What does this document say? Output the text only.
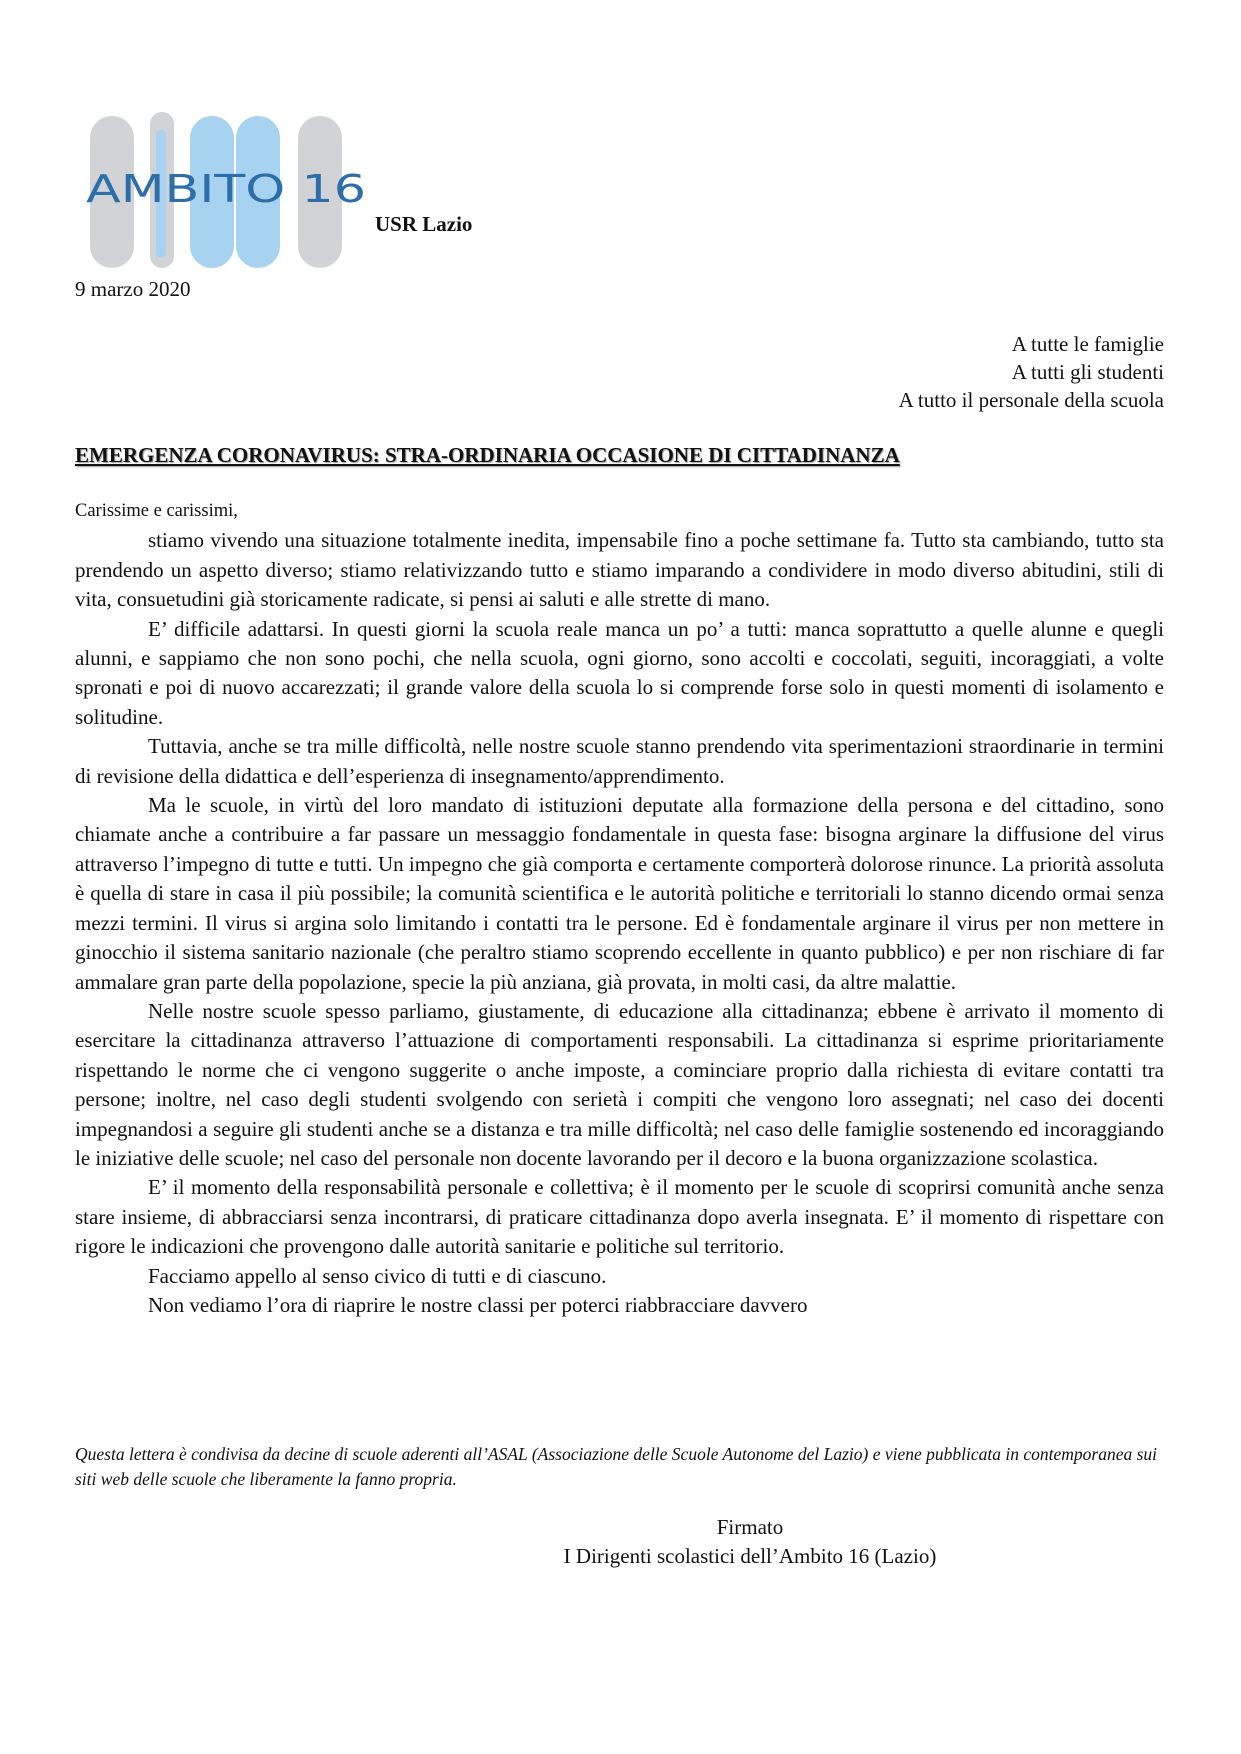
AMBITO 16
USR Lazio
9 marzo 2020
A tutte le famiglie
A tutti gli studenti
A tutto il personale della scuola
EMERGENZA CORONAVIRUS: STRA-ORDINARIA OCCASIONE DI CITTADINANZA
Carissime e carissimi,

stiamo vivendo una situazione totalmente inedita, impensabile fino a poche settimane fa. Tutto sta cambiando, tutto sta prendendo un aspetto diverso; stiamo relativizzando tutto e stiamo imparando a condividere in modo diverso abitudini, stili di vita, consuetudini già storicamente radicate, si pensi ai saluti e alle strette di mano.

E’ difficile adattarsi. In questi giorni la scuola reale manca un po’ a tutti: manca soprattutto a quelle alunne e quegli alunni, e sappiamo che non sono pochi, che nella scuola, ogni giorno, sono accolti e coccolati, seguiti, incoraggiati, a volte spronati e poi di nuovo accarezzati; il grande valore della scuola lo si comprende forse solo in questi momenti di isolamento e solitudine.

Tuttavia, anche se tra mille difficoltà, nelle nostre scuole stanno prendendo vita sperimentazioni straordinarie in termini di revisione della didattica e dell’esperienza di insegnamento/apprendimento.

Ma le scuole, in virtù del loro mandato di istituzioni deputate alla formazione della persona e del cittadino, sono chiamate anche a contribuire a far passare un messaggio fondamentale in questa fase: bisogna arginare la diffusione del virus attraverso l’impegno di tutte e tutti. Un impegno che già comporta e certamente comporterà dolorose rinunce. La priorità assoluta è quella di stare in casa il più possibile; la comunità scientifica e le autorità politiche e territoriali lo stanno dicendo ormai senza mezzi termini. Il virus si argina solo limitando i contatti tra le persone. Ed è fondamentale arginare il virus per non mettere in ginocchio il sistema sanitario nazionale (che peraltro stiamo scoprendo eccellente in quanto pubblico) e per non rischiare di far ammalare gran parte della popolazione, specie la più anziana, già provata, in molti casi, da altre malattie.

Nelle nostre scuole spesso parliamo, giustamente, di educazione alla cittadinanza; ebbene è arrivato il momento di esercitare la cittadinanza attraverso l’attuazione di comportamenti responsabili. La cittadinanza si esprime prioritariamente rispettando le norme che ci vengono suggerite o anche imposte, a cominciare proprio dalla richiesta di evitare contatti tra persone; inoltre, nel caso degli studenti svolgendo con serietà i compiti che vengono loro assegnati; nel caso dei docenti impegnandosi a seguire gli studenti anche se a distanza e tra mille difficoltà; nel caso delle famiglie sostenendo ed incoraggiando le iniziative delle scuole; nel caso del personale non docente lavorando per il decoro e la buona organizzazione scolastica.

E’ il momento della responsabilità personale e collettiva; è il momento per le scuole di scoprirsi comunità anche senza stare insieme, di abbracciarsi senza incontrarsi, di praticare cittadinanza dopo averla insegnata. E’ il momento di rispettare con rigore le indicazioni che provengono dalle autorità sanitarie e politiche sul territorio.

Facciamo appello al senso civico di tutti e di ciascuno.

Non vediamo l’ora di riaprire le nostre classi per poterci riabbracciare davvero

Questa lettera è condivisa da decine di scuole aderenti all’ASAL (Associazione delle Scuole Autonome del Lazio) e viene pubblicata in contemporanea sui siti web delle scuole che liberamente la fanno propria.
Firmato
I Dirigenti scolastici dell’Ambito 16 (Lazio)
